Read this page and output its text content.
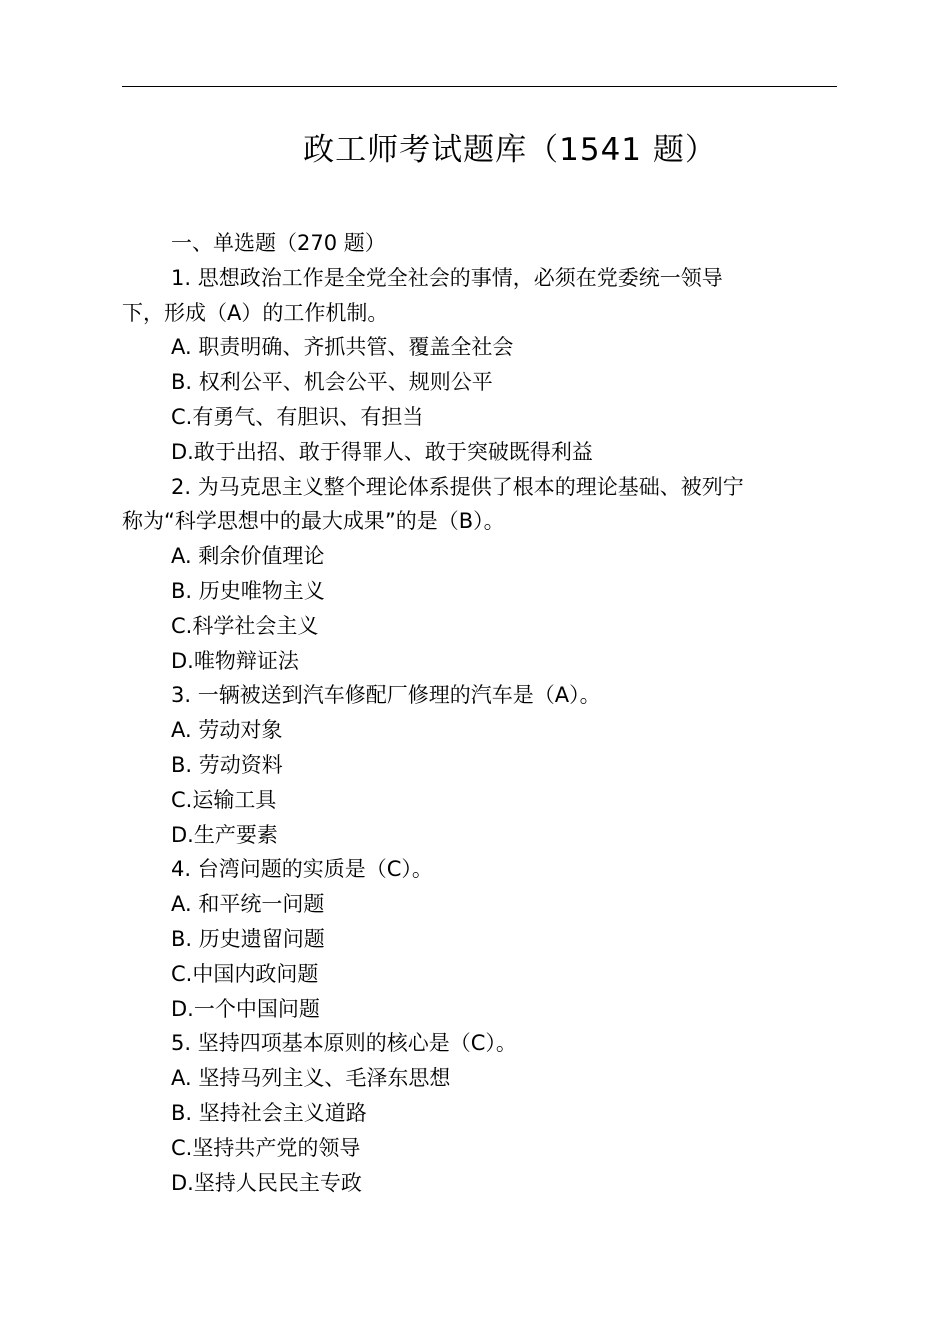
政工师考试题库（1541 题）
一、单选题（270 题）
1. 思想政治工作是全党全社会的事情，必须在党委统一领导
下，形成（A）的工作机制。
A. 职责明确、齐抓共管、覆盖全社会
B. 权利公平、机会公平、规则公平
C.有勇气、有胆识、有担当
D.敢于出招、敢于得罪人、敢于突破既得利益
2. 为马克思主义整个理论体系提供了根本的理论基础、被列宁
称为“科学思想中的最大成果”的是（B）。
A. 剩余价值理论
B. 历史唯物主义
C.科学社会主义
D.唯物辩证法
3. 一辆被送到汽车修配厂修理的汽车是（A）。
A. 劳动对象
B. 劳动资料
C.运输工具
D.生产要素
4. 台湾问题的实质是（C）。
A. 和平统一问题
B. 历史遗留问题
C.中国内政问题
D.一个中国问题
5. 坚持四项基本原则的核心是（C）。
A. 坚持马列主义、毛泽东思想
B. 坚持社会主义道路
C.坚持共产党的领导
D.坚持人民民主专政
